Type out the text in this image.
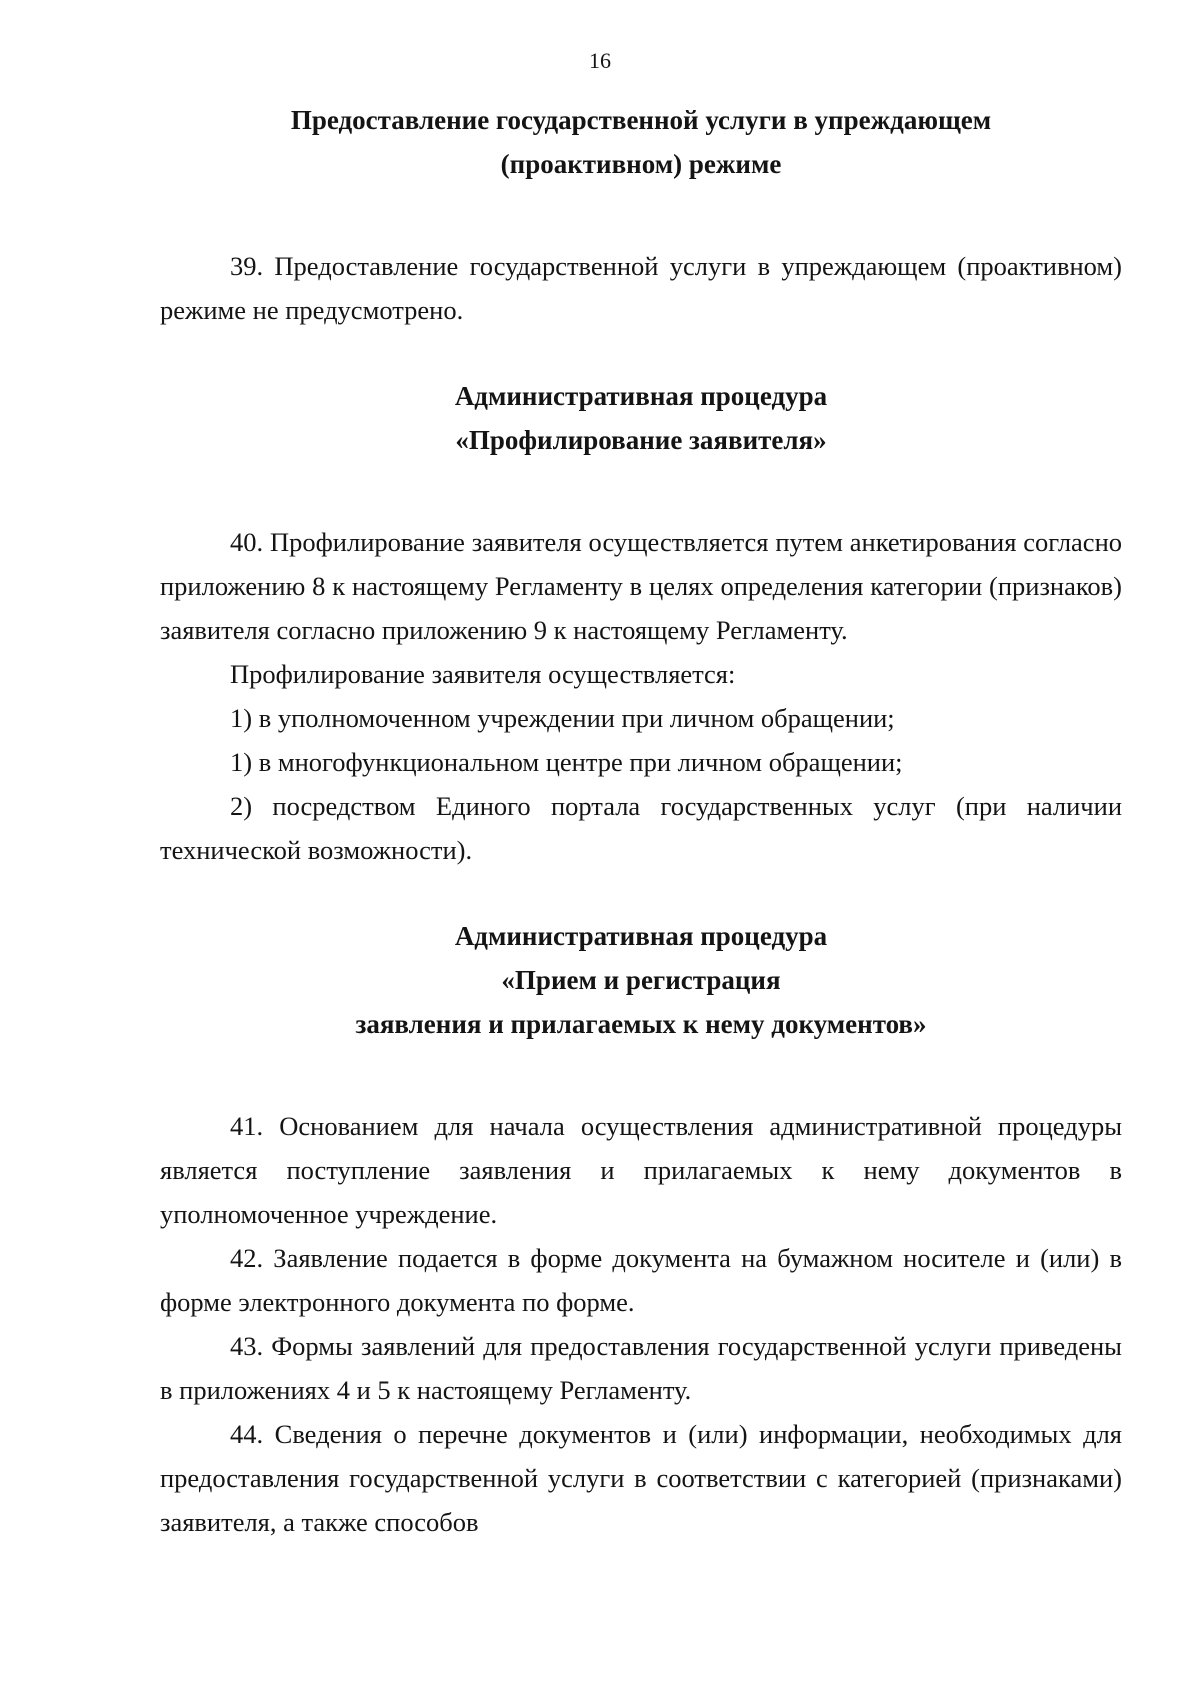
16
Предоставление государственной услуги в упреждающем
(проактивном) режиме

39. Предоставление государственной услуги в упреждающем (проактивном) режиме не предусмотрено.

Административная процедура
«Профилирование заявителя»

40. Профилирование заявителя осуществляется путем анкетирования согласно приложению 8 к настоящему Регламенту в целях определения категории (признаков) заявителя согласно приложению 9 к настоящему Регламенту.

Профилирование заявителя осуществляется:

1) в уполномоченном учреждении при личном обращении;

1) в многофункциональном центре при личном обращении;

2) посредством Единого портала государственных услуг (при наличии технической возможности).

Административная процедура
«Прием и регистрация
заявления и прилагаемых к нему документов»

41. Основанием для начала осуществления административной процедуры является поступление заявления и прилагаемых к нему документов в уполномоченное учреждение.

42. Заявление подается в форме документа на бумажном носителе и (или) в форме электронного документа по форме.

43. Формы заявлений для предоставления государственной услуги приведены в приложениях 4 и 5 к настоящему Регламенту.

44. Сведения о перечне документов и (или) информации, необходимых для предоставления государственной услуги в соответствии с категорией (признаками) заявителя, а также способов
